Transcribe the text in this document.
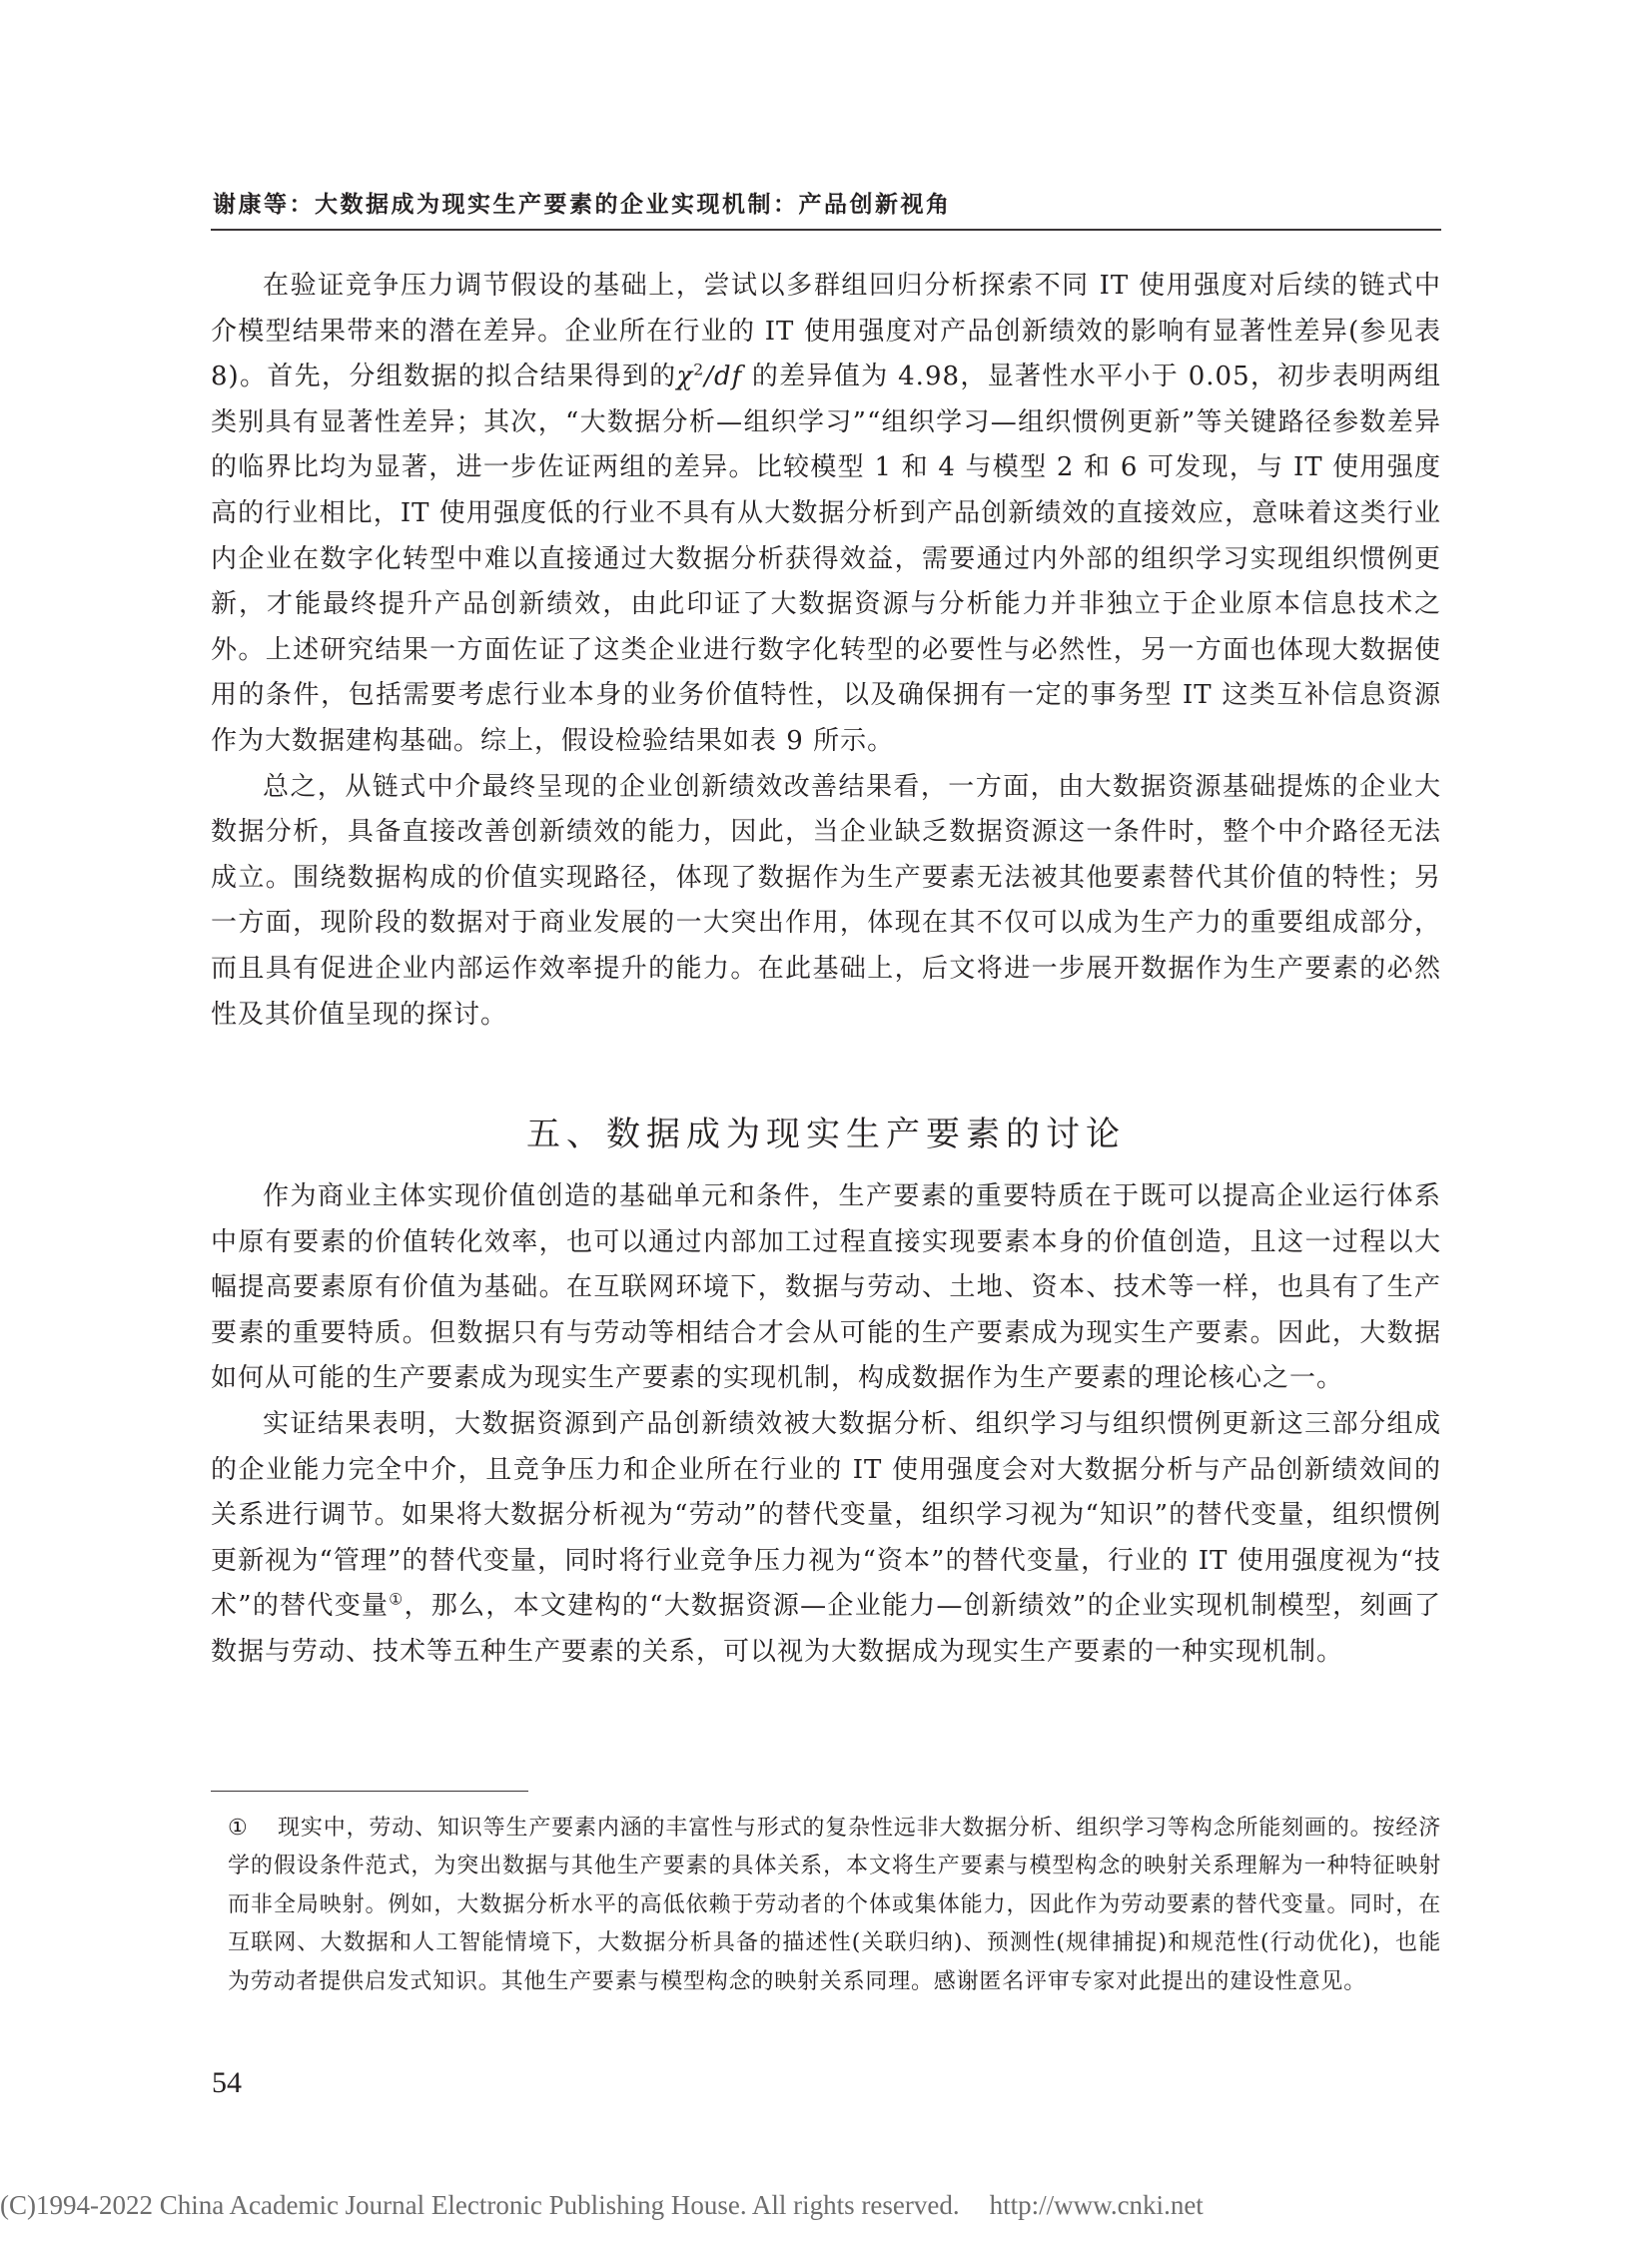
谢康等：大数据成为现实生产要素的企业实现机制：产品创新视角

在验证竞争压力调节假设的基础上，尝试以多群组回归分析探索不同 IT 使用强度对后续的链式中介模型结果带来的潜在差异。企业所在行业的 IT 使用强度对产品创新绩效的影响有显著性差异(参见表 8)。首先，分组数据的拟合结果得到的$\chi^2/df$ 的差异值为 4.98，显著性水平小于 0.05，初步表明两组类别具有显著性差异；其次，“大数据分析—组织学习”“组织学习—组织惯例更新”等关键路径参数差异的临界比均为显著，进一步佐证两组的差异。比较模型 1 和 4 与模型 2 和 6 可发现，与 IT 使用强度高的行业相比，IT 使用强度低的行业不具有从大数据分析到产品创新绩效的直接效应，意味着这类行业内企业在数字化转型中难以直接通过大数据分析获得效益，需要通过内外部的组织学习实现组织惯例更新，才能最终提升产品创新绩效，由此印证了大数据资源与分析能力并非独立于企业原本信息技术之外。上述研究结果一方面佐证了这类企业进行数字化转型的必要性与必然性，另一方面也体现大数据使用的条件，包括需要考虑行业本身的业务价值特性，以及确保拥有一定的事务型 IT 这类互补信息资源作为大数据建构基础。综上，假设检验结果如表 9 所示。

总之，从链式中介最终呈现的企业创新绩效改善结果看，一方面，由大数据资源基础提炼的企业大数据分析，具备直接改善创新绩效的能力，因此，当企业缺乏数据资源这一条件时，整个中介路径无法成立。围绕数据构成的价值实现路径，体现了数据作为生产要素无法被其他要素替代其价值的特性；另一方面，现阶段的数据对于商业发展的一大突出作用，体现在其不仅可以成为生产力的重要组成部分，而且具有促进企业内部运作效率提升的能力。在此基础上，后文将进一步展开数据作为生产要素的必然性及其价值呈现的探讨。

五、数据成为现实生产要素的讨论

作为商业主体实现价值创造的基础单元和条件，生产要素的重要特质在于既可以提高企业运行体系中原有要素的价值转化效率，也可以通过内部加工过程直接实现要素本身的价值创造，且这一过程以大幅提高要素原有价值为基础。在互联网环境下，数据与劳动、土地、资本、技术等一样，也具有了生产要素的重要特质。但数据只有与劳动等相结合才会从可能的生产要素成为现实生产要素。因此，大数据如何从可能的生产要素成为现实生产要素的实现机制，构成数据作为生产要素的理论核心之一。

实证结果表明，大数据资源到产品创新绩效被大数据分析、组织学习与组织惯例更新这三部分组成的企业能力完全中介，且竞争压力和企业所在行业的 IT 使用强度会对大数据分析与产品创新绩效间的关系进行调节。如果将大数据分析视为“劳动”的替代变量，组织学习视为“知识”的替代变量，组织惯例更新视为“管理”的替代变量，同时将行业竞争压力视为“资本”的替代变量，行业的 IT 使用强度视为“技术”的替代变量①，那么，本文建构的“大数据资源—企业能力—创新绩效”的企业实现机制模型，刻画了数据与劳动、技术等五种生产要素的关系，可以视为大数据成为现实生产要素的一种实现机制。

① 现实中，劳动、知识等生产要素内涵的丰富性与形式的复杂性远非大数据分析、组织学习等构念所能刻画的。按经济学的假设条件范式，为突出数据与其他生产要素的具体关系，本文将生产要素与模型构念的映射关系理解为一种特征映射而非全局映射。例如，大数据分析水平的高低依赖于劳动者的个体或集体能力，因此作为劳动要素的替代变量。同时，在互联网、大数据和人工智能情境下，大数据分析具备的描述性(关联归纳)、预测性(规律捕捉)和规范性(行动优化)，也能为劳动者提供启发式知识。其他生产要素与模型构念的映射关系同理。感谢匿名评审专家对此提出的建设性意见。
54
(C)1994-2022 China Academic Journal Electronic Publishing House. All rights reserved. http://www.cnki.net
